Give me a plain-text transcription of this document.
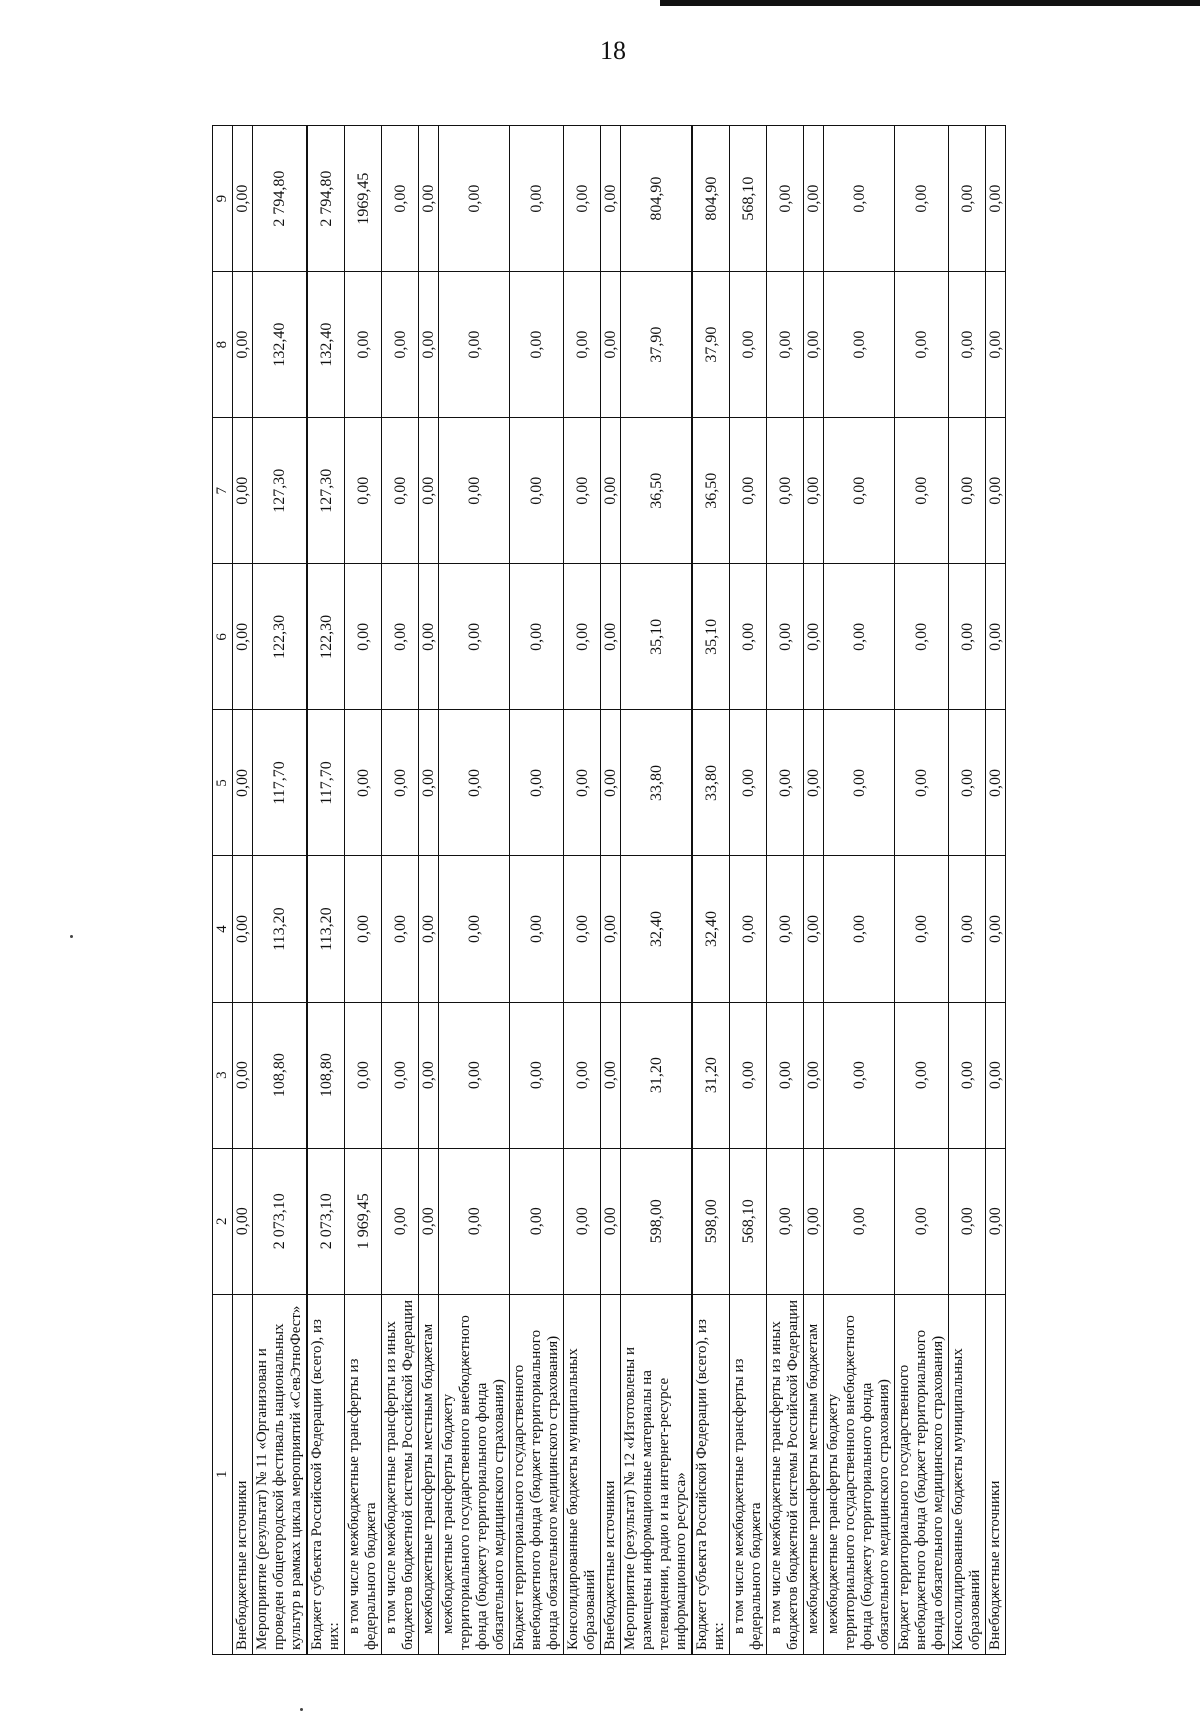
18
1	2	3	4	5	6	7	8	9
Внебюджетные источники	0,00	0,00	0,00	0,00	0,00	0,00	0,00	0,00
Мероприятие (результат) № 11 «Организован и проведен общегородской фестиваль национальных культур в рамках цикла мероприятий «СевЭтноФест»	2 073,10	108,80	113,20	117,70	122,30	127,30	132,40	2 794,80
Бюджет субъекта Российской Федерации (всего), из них:	2 073,10	108,80	113,20	117,70	122,30	127,30	132,40	2 794,80
в том числе межбюджетные трансферты из федерального бюджета	1 969,45	0,00	0,00	0,00	0,00	0,00	0,00	1969,45
в том числе межбюджетные трансферты из иных бюджетов бюджетной системы Российской Федерации	0,00	0,00	0,00	0,00	0,00	0,00	0,00	0,00
межбюджетные трансферты местным бюджетам	0,00	0,00	0,00	0,00	0,00	0,00	0,00	0,00
межбюджетные трансферты бюджету территориального государственного внебюджетного фонда (бюджету территориального фонда обязательного медицинского страхования)	0,00	0,00	0,00	0,00	0,00	0,00	0,00	0,00
Бюджет территориального государственного внебюджетного фонда (бюджет территориального фонда обязательного медицинского страхования)	0,00	0,00	0,00	0,00	0,00	0,00	0,00	0,00
Консолидированные бюджеты муниципальных образований	0,00	0,00	0,00	0,00	0,00	0,00	0,00	0,00
Внебюджетные источники	0,00	0,00	0,00	0,00	0,00	0,00	0,00	0,00
Мероприятие (результат) № 12 «Изготовлены и размещены информационные материалы на телевидении, радио и на интернет-ресурсе информационного ресурса»	598,00	31,20	32,40	33,80	35,10	36,50	37,90	804,90
Бюджет субъекта Российской Федерации (всего), из них:	598,00	31,20	32,40	33,80	35,10	36,50	37,90	804,90
в том числе межбюджетные трансферты из федерального бюджета	568,10	0,00	0,00	0,00	0,00	0,00	0,00	568,10
в том числе межбюджетные трансферты из иных бюджетов бюджетной системы Российской Федерации	0,00	0,00	0,00	0,00	0,00	0,00	0,00	0,00
межбюджетные трансферты местным бюджетам	0,00	0,00	0,00	0,00	0,00	0,00	0,00	0,00
межбюджетные трансферты бюджету территориального государственного внебюджетного фонда (бюджету территориального фонда обязательного медицинского страхования)	0,00	0,00	0,00	0,00	0,00	0,00	0,00	0,00
Бюджет территориального государственного внебюджетного фонда (бюджет территориального фонда обязательного медицинского страхования)	0,00	0,00	0,00	0,00	0,00	0,00	0,00	0,00
Консолидированные бюджеты муниципальных образований	0,00	0,00	0,00	0,00	0,00	0,00	0,00	0,00
Внебюджетные источники	0,00	0,00	0,00	0,00	0,00	0,00	0,00	0,00
